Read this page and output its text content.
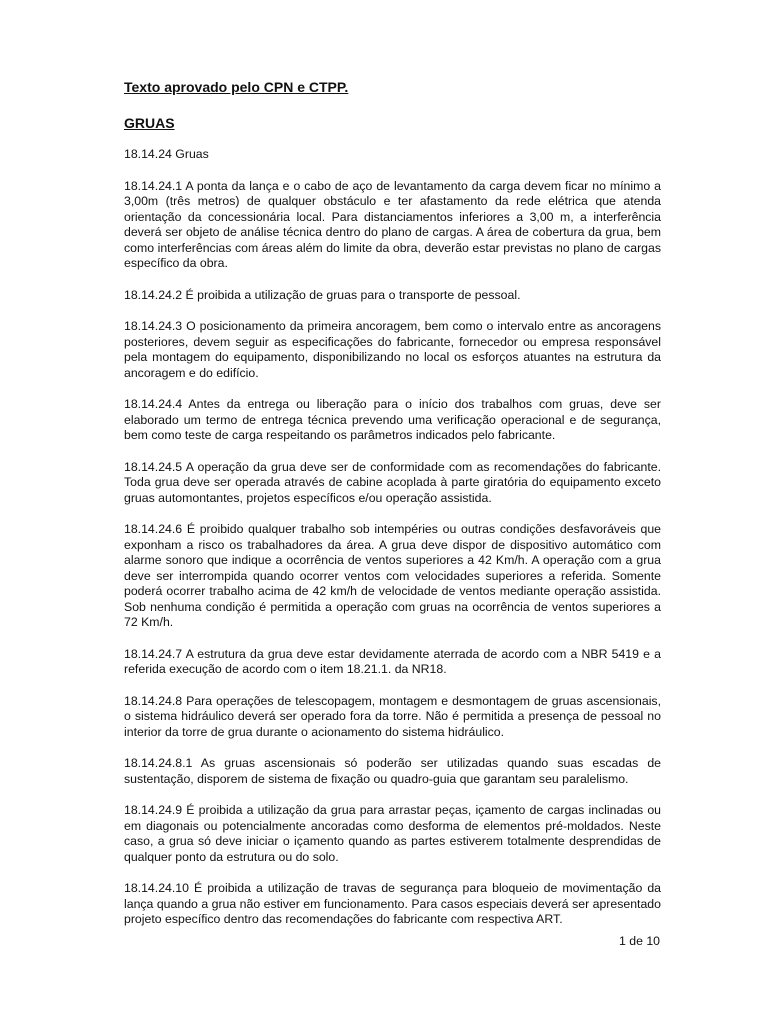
Texto aprovado pelo CPN e CTPP.

GRUAS

18.14.24 Gruas

18.14.24.1 A ponta da lança e o cabo de aço de levantamento da carga devem ficar no mínimo a 3,00m (três metros) de qualquer obstáculo e ter afastamento da rede elétrica que atenda orientação da concessionária local. Para distanciamentos inferiores a 3,00 m, a interferência deverá ser objeto de análise técnica dentro do plano de cargas. A área de cobertura da grua, bem como interferências com áreas além do limite da obra, deverão estar previstas no plano de cargas específico da obra.

18.14.24.2 É proibida a utilização de gruas para o transporte de pessoal.

18.14.24.3 O posicionamento da primeira ancoragem, bem como o intervalo entre as ancoragens posteriores, devem seguir as especificações do fabricante, fornecedor ou empresa responsável pela montagem do equipamento, disponibilizando no local os esforços atuantes na estrutura da ancoragem e do edifício.

18.14.24.4 Antes da entrega ou liberação para o início dos trabalhos com gruas, deve ser elaborado um termo de entrega técnica prevendo uma verificação operacional e de segurança, bem como teste de carga respeitando os parâmetros indicados pelo fabricante.

18.14.24.5 A operação da grua deve ser de conformidade com as recomendações do fabricante. Toda grua deve ser operada através de cabine acoplada à parte giratória do equipamento exceto gruas automontantes, projetos específicos e/ou operação assistida.

18.14.24.6 É proibido qualquer trabalho sob intempéries ou outras condições desfavoráveis que exponham a risco os trabalhadores da área. A grua deve dispor de dispositivo automático com alarme sonoro que indique a ocorrência de ventos superiores a 42 Km/h. A operação com a grua deve ser interrompida quando ocorrer ventos com velocidades superiores a referida. Somente poderá ocorrer trabalho acima de 42 km/h de velocidade de ventos mediante operação assistida. Sob nenhuma condição é permitida a operação com gruas na ocorrência de ventos superiores a 72 Km/h.

18.14.24.7 A estrutura da grua deve estar devidamente aterrada de acordo com a NBR 5419 e a referida execução de acordo com o item 18.21.1. da NR18.

18.14.24.8 Para operações de telescopagem, montagem e desmontagem de gruas ascensionais, o sistema hidráulico deverá ser operado fora da torre. Não é permitida a presença de pessoal no interior da torre de grua durante o acionamento do sistema hidráulico.

18.14.24.8.1 As gruas ascensionais só poderão ser utilizadas quando suas escadas de sustentação, disporem de sistema de fixação ou quadro-guia que garantam seu paralelismo.

18.14.24.9 É proibida a utilização da grua para arrastar peças, içamento de cargas inclinadas ou em diagonais ou potencialmente ancoradas como desforma de elementos pré-moldados. Neste caso, a grua só deve iniciar o içamento quando as partes estiverem totalmente desprendidas de qualquer ponto da estrutura ou do solo.

18.14.24.10 É proibida a utilização de travas de segurança para bloqueio de movimentação da lança quando a grua não estiver em funcionamento. Para casos especiais deverá ser apresentado projeto específico dentro das recomendações do fabricante com respectiva ART.

1 de 10
